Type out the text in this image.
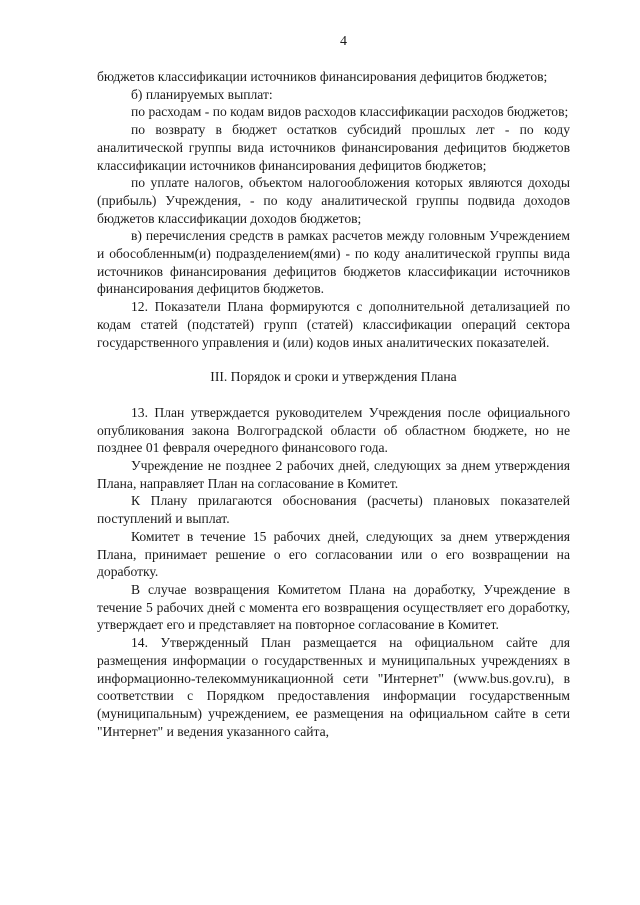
4

бюджетов классификации источников финансирования дефицитов бюджетов;

б) планируемых выплат:

по расходам - по кодам видов расходов классификации расходов бюджетов;

по возврату в бюджет остатков субсидий прошлых лет - по коду аналитической группы вида источников финансирования дефицитов бюджетов классификации источников финансирования дефицитов бюджетов;

по уплате налогов, объектом налогообложения которых являются доходы (прибыль) Учреждения, - по коду аналитической группы подвида доходов бюджетов классификации доходов бюджетов;

в) перечисления средств в рамках расчетов между головным Учреждением и обособленным(и) подразделением(ями) - по коду аналитической группы вида источников финансирования дефицитов бюджетов классификации источников финансирования дефицитов бюджетов.

12. Показатели Плана формируются с дополнительной детализацией по кодам статей (подстатей) групп (статей) классификации операций сектора государственного управления и (или) кодов иных аналитических показателей.

III. Порядок и сроки и утверждения Плана

13. План утверждается руководителем Учреждения после официального опубликования закона Волгоградской области об областном бюджете, но не позднее 01 февраля очередного финансового года.

Учреждение не позднее 2 рабочих дней, следующих за днем утверждения Плана, направляет План на согласование в Комитет.

К Плану прилагаются обоснования (расчеты) плановых показателей поступлений и выплат.

Комитет в течение 15 рабочих дней, следующих за днем утверждения Плана, принимает решение о его согласовании или о его возвращении на доработку.

В случае возвращения Комитетом Плана на доработку, Учреждение в течение 5 рабочих дней с момента его возвращения осуществляет его доработку, утверждает его и представляет на повторное согласование в Комитет.

14. Утвержденный План размещается на официальном сайте для размещения информации о государственных и муниципальных учреждениях в информационно-телекоммуникационной сети "Интернет" (www.bus.gov.ru), в соответствии с Порядком предоставления информации государственным (муниципальным) учреждением, ее размещения на официальном сайте в сети "Интернет" и ведения указанного сайта,
